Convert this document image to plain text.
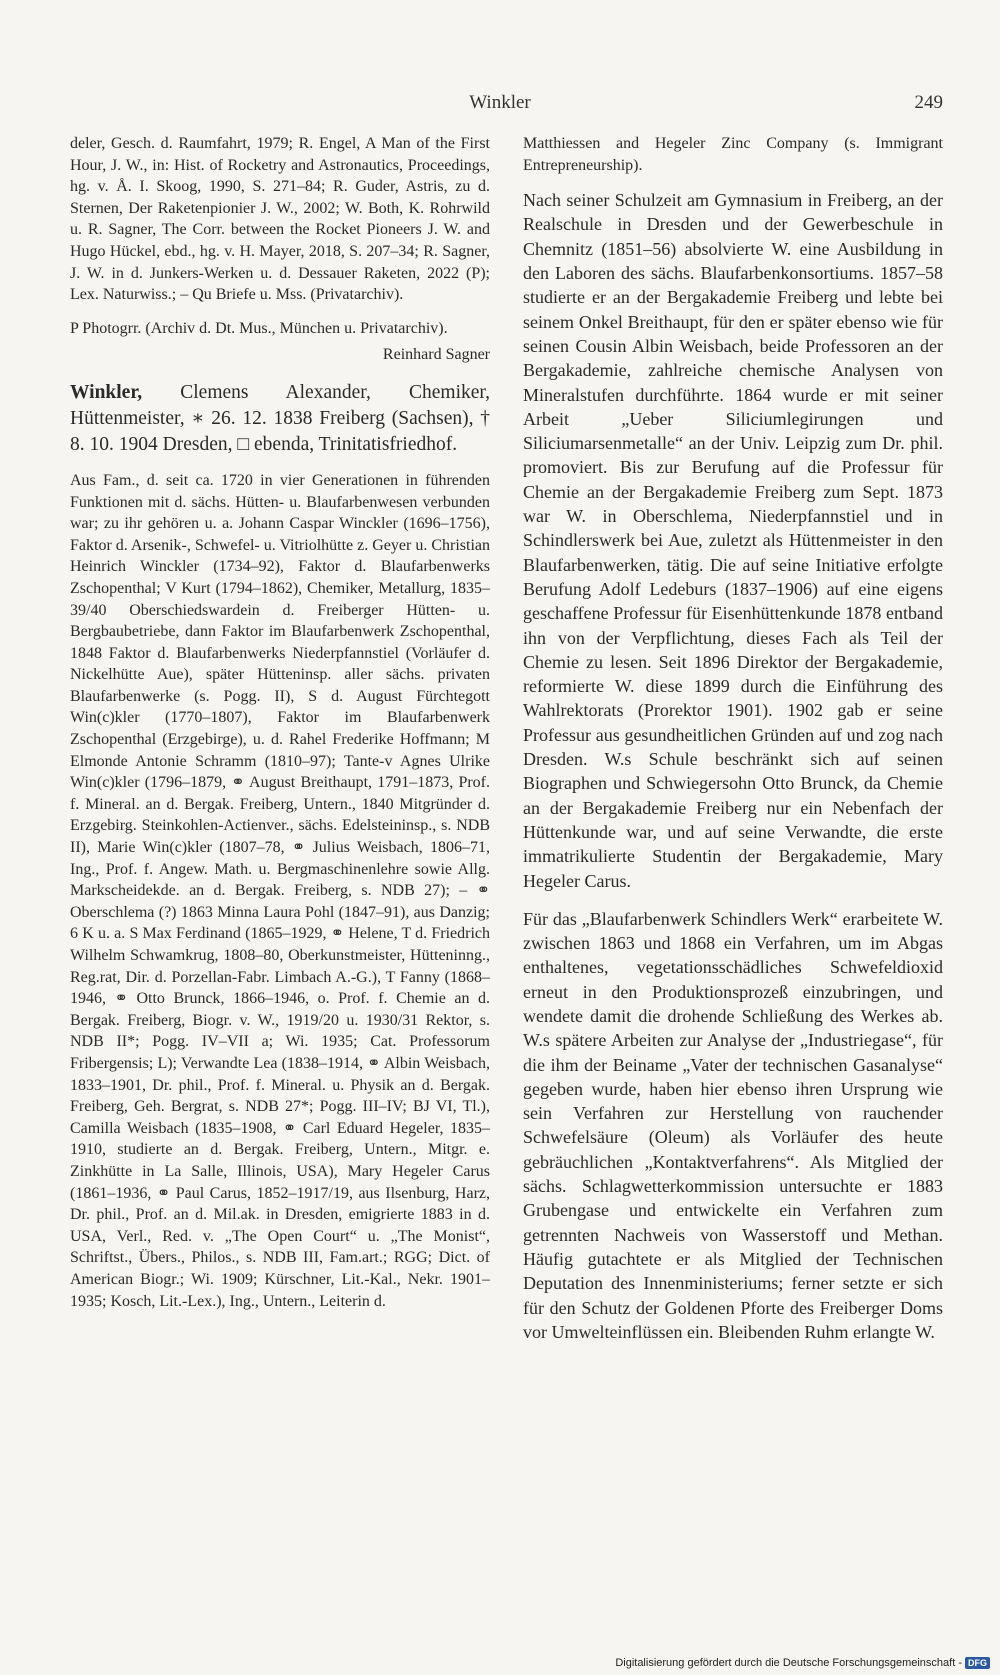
Winkler	249

deler, Gesch. d. Raumfahrt, 1979; R. Engel, A Man of the First Hour, J. W., in: Hist. of Rocketry and Astronautics, Proceedings, hg. v. Å. I. Skoog, 1990, S. 271–84; R. Guder, Astris, zu d. Sternen, Der Raketenpionier J. W., 2002; W. Both, K. Rohrwild u. R. Sagner, The Corr. between the Rocket Pioneers J. W. and Hugo Hückel, ebd., hg. v. H. Mayer, 2018, S. 207–34; R. Sagner, J. W. in d. Junkers-Werken u. d. Dessauer Raketen, 2022 (P); Lex. Naturwiss.; – Qu Briefe u. Mss. (Privatarchiv).

P Photogrr. (Archiv d. Dt. Mus., München u. Privatarchiv).

Reinhard Sagner

Winkler, Clemens Alexander, Chemiker, Hüttenmeister, ∗ 26. 12. 1838 Freiberg (Sachsen), † 8. 10. 1904 Dresden, □ ebenda, Trinitatisfriedhof.

Aus Fam., d. seit ca. 1720 in vier Generationen in führenden Funktionen mit d. sächs. Hütten- u. Blaufarbenwesen verbunden war; zu ihr gehören u. a. Johann Caspar Winckler (1696–1756), Faktor d. Arsenik-, Schwefel- u. Vitriolhütte z. Geyer u. Christian Heinrich Winckler (1734–92), Faktor d. Blaufarbenwerks Zschopenthal; V Kurt (1794–1862), Chemiker, Metallurg, 1835–39/40 Oberschiedswardein d. Freiberger Hütten- u. Bergbaubetriebe, dann Faktor im Blaufarbenwerk Zschopenthal, 1848 Faktor d. Blaufarbenwerks Niederpfannstiel (Vorläufer d. Nickelhütte Aue), später Hütteninsp. aller sächs. privaten Blaufarbenwerke (s. Pogg. II), S d. August Fürchtegott Win(c)kler (1770–1807), Faktor im Blaufarbenwerk Zschopenthal (Erzgebirge), u. d. Rahel Frederike Hoffmann; M Elmonde Antonie Schramm (1810–97); Tante-v Agnes Ulrike Win(c)kler (1796–1879, ⚭ August Breithaupt, 1791–1873, Prof. f. Mineral. an d. Bergak. Freiberg, Untern., 1840 Mitgründer d. Erzgebirg. Steinkohlen-Actienver., sächs. Edelsteininsp., s. NDB II), Marie Win(c)kler (1807–78, ⚭ Julius Weisbach, 1806–71, Ing., Prof. f. Angew. Math. u. Bergmaschinenlehre sowie Allg. Markscheidekde. an d. Bergak. Freiberg, s. NDB 27); – ⚭ Oberschlema (?) 1863 Minna Laura Pohl (1847–91), aus Danzig; 6 K u. a. S Max Ferdinand (1865–1929, ⚭ Helene, T d. Friedrich Wilhelm Schwamkrug, 1808–80, Oberkunstmeister, Hütteninng., Reg.rat, Dir. d. Porzellan-Fabr. Limbach A.-G.), T Fanny (1868–1946, ⚭ Otto Brunck, 1866–1946, o. Prof. f. Chemie an d. Bergak. Freiberg, Biogr. v. W., 1919/20 u. 1930/31 Rektor, s. NDB II*; Pogg. IV–VII a; Wi. 1935; Cat. Professorum Fribergensis; L); Verwandte Lea (1838–1914, ⚭ Albin Weisbach, 1833–1901, Dr. phil., Prof. f. Mineral. u. Physik an d. Bergak. Freiberg, Geh. Bergrat, s. NDB 27*; Pogg. III–IV; BJ VI, Tl.), Camilla Weisbach (1835–1908, ⚭ Carl Eduard Hegeler, 1835–1910, studierte an d. Bergak. Freiberg, Untern., Mitgr. e. Zinkhütte in La Salle, Illinois, USA), Mary Hegeler Carus (1861–1936, ⚭ Paul Carus, 1852–1917/19, aus Ilsenburg, Harz, Dr. phil., Prof. an d. Mil.ak. in Dresden, emigrierte 1883 in d. USA, Verl., Red. v. „The Open Court“ u. „The Monist“, Schriftst., Übers., Philos., s. NDB III, Fam.art.; RGG; Dict. of American Biogr.; Wi. 1909; Kürschner, Lit.-Kal., Nekr. 1901–1935; Kosch, Lit.-Lex.), Ing., Untern., Leiterin d.

Matthiessen and Hegeler Zinc Company (s. Immigrant Entrepreneurship).

Nach seiner Schulzeit am Gymnasium in Freiberg, an der Realschule in Dresden und der Gewerbeschule in Chemnitz (1851–56) absolvierte W. eine Ausbildung in den Laboren des sächs. Blaufarbenkonsortiums. 1857–58 studierte er an der Bergakademie Freiberg und lebte bei seinem Onkel Breithaupt, für den er später ebenso wie für seinen Cousin Albin Weisbach, beide Professoren an der Bergakademie, zahlreiche chemische Analysen von Mineralstufen durchführte. 1864 wurde er mit seiner Arbeit „Ueber Siliciumlegirungen und Siliciumarsenmetalle“ an der Univ. Leipzig zum Dr. phil. promoviert. Bis zur Berufung auf die Professur für Chemie an der Bergakademie Freiberg zum Sept. 1873 war W. in Oberschlema, Niederpfannstiel und in Schindlerswerk bei Aue, zuletzt als Hüttenmeister in den Blaufarbenwerken, tätig. Die auf seine Initiative erfolgte Berufung Adolf Ledeburs (1837–1906) auf eine eigens geschaffene Professur für Eisenhüttenkunde 1878 entband ihn von der Verpflichtung, dieses Fach als Teil der Chemie zu lesen. Seit 1896 Direktor der Bergakademie, reformierte W. diese 1899 durch die Einführung des Wahlrektorats (Prorektor 1901). 1902 gab er seine Professur aus gesundheitlichen Gründen auf und zog nach Dresden. W.s Schule beschränkt sich auf seinen Biographen und Schwiegersohn Otto Brunck, da Chemie an der Bergakademie Freiberg nur ein Nebenfach der Hüttenkunde war, und auf seine Verwandte, die erste immatrikulierte Studentin der Bergakademie, Mary Hegeler Carus.

Für das „Blaufarbenwerk Schindlers Werk“ erarbeitete W. zwischen 1863 und 1868 ein Verfahren, um im Abgas enthaltenes, vegetationsschädliches Schwefeldioxid erneut in den Produktionsprozeß einzubringen, und wendete damit die drohende Schließung des Werkes ab. W.s spätere Arbeiten zur Analyse der „Industriegase“, für die ihm der Beiname „Vater der technischen Gasanalyse“ gegeben wurde, haben hier ebenso ihren Ursprung wie sein Verfahren zur Herstellung von rauchender Schwefelsäure (Oleum) als Vorläufer des heute gebräuchlichen „Kontaktverfahrens“. Als Mitglied der sächs. Schlagwetterkommission untersuchte er 1883 Grubengase und entwickelte ein Verfahren zum getrennten Nachweis von Wasserstoff und Methan. Häufig gutachtete er als Mitglied der Technischen Deputation des Innenministeriums; ferner setzte er sich für den Schutz der Goldenen Pforte des Freiberger Doms vor Umwelteinflüssen ein. Bleibenden Ruhm erlangte W.

Digitalisierung gefördert durch die Deutsche Forschungsgemeinschaft - DFG
